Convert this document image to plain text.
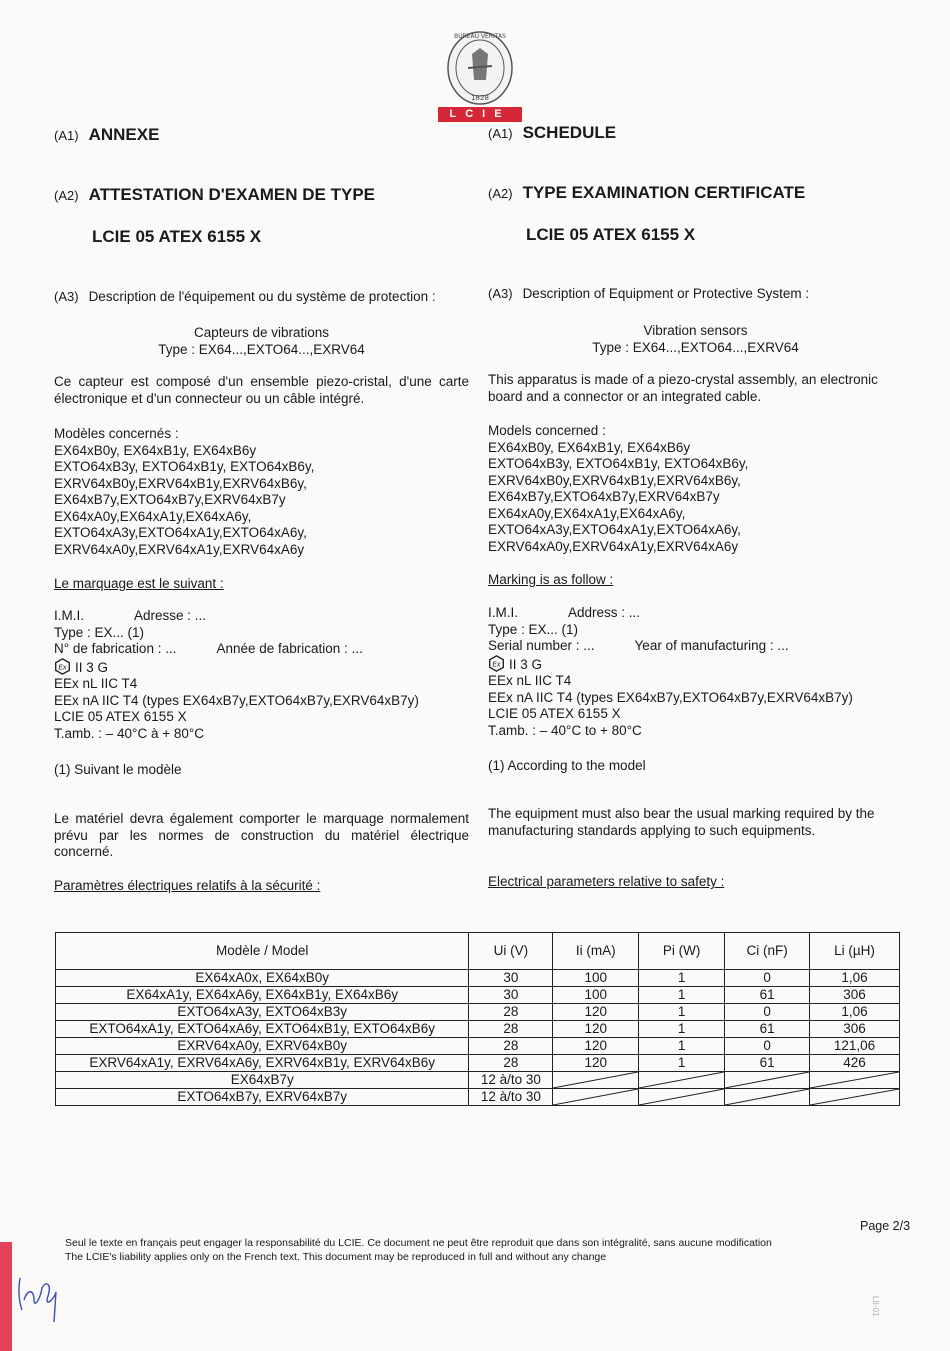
BUREAU VERITAS
1828
LCIE
(A1) ANNEXE
(A2) ATTESTATION D'EXAMEN DE TYPE
LCIE 05 ATEX 6155 X
(A3) Description de l'équipement ou du système de protection :
Capteurs de vibrations
Type : EX64...,EXTO64...,EXRV64
Ce capteur est composé d'un ensemble piezo-cristal, d'une carte électronique et d'un connecteur ou un câble intégré.
Modèles concernés :
EX64xB0y, EX64xB1y, EX64xB6y
EXTO64xB3y, EXTO64xB1y, EXTO64xB6y,
EXRV64xB0y,EXRV64xB1y,EXRV64xB6y,
EX64xB7y,EXTO64xB7y,EXRV64xB7y
EX64xA0y,EX64xA1y,EX64xA6y,
EXTO64xA3y,EXTO64xA1y,EXTO64xA6y,
EXRV64xA0y,EXRV64xA1y,EXRV64xA6y
Le marquage est le suivant :
I.M.I.	Adresse : ...
Type : EX... (1)
N° de fabrication : ...	Année de fabrication : ...
Ex II 3 G
EEx nL IIC T4
EEx nA IIC T4 (types EX64xB7y,EXTO64xB7y,EXRV64xB7y)
LCIE 05 ATEX 6155 X
T.amb. : – 40°C à + 80°C
(1) Suivant le modèle
Le matériel devra également comporter le marquage normalement prévu par les normes de construction du matériel électrique concerné.
Paramètres électriques relatifs à la sécurité :
(A1) SCHEDULE
(A2) TYPE EXAMINATION CERTIFICATE
LCIE 05 ATEX 6155 X
(A3) Description of Equipment or Protective System :
Vibration sensors
Type : EX64...,EXTO64...,EXRV64
This apparatus is made of a piezo-crystal assembly, an electronic board and a connector or an integrated cable.
Models concerned :
EX64xB0y, EX64xB1y, EX64xB6y
EXTO64xB3y, EXTO64xB1y, EXTO64xB6y,
EXRV64xB0y,EXRV64xB1y,EXRV64xB6y,
EX64xB7y,EXTO64xB7y,EXRV64xB7y
EX64xA0y,EX64xA1y,EX64xA6y,
EXTO64xA3y,EXTO64xA1y,EXTO64xA6y,
EXRV64xA0y,EXRV64xA1y,EXRV64xA6y
Marking is as follow :
I.M.I.	Address : ...
Type : EX... (1)
Serial number : ...	Year of manufacturing : ...
Ex II 3 G
EEx nL IIC T4
EEx nA IIC T4 (types EX64xB7y,EXTO64xB7y,EXRV64xB7y)
LCIE 05 ATEX 6155 X
T.amb. : – 40°C to + 80°C
(1) According to the model
The equipment must also bear the usual marking required by the manufacturing standards applying to such equipments.
Electrical parameters relative to safety :
Modèle / Model	Ui (V)	Ii (mA)	Pi (W)	Ci (nF)	Li (µH)
EX64xA0x, EX64xB0y	30	100	1	0	1,06
EX64xA1y, EX64xA6y, EX64xB1y, EX64xB6y	30	100	1	61	306
EXTO64xA3y, EXTO64xB3y	28	120	1	0	1,06
EXTO64xA1y, EXTO64xA6y, EXTO64xB1y, EXTO64xB6y	28	120	1	61	306
EXRV64xA0y, EXRV64xB0y	28	120	1	0	121,06
EXRV64xA1y, EXRV64xA6y, EXRV64xB1y, EXRV64xB6y	28	120	1	61	426
EX64xB7y	12 à/to 30	

EXTO64xB7y, EXRV64xB7y	12 à/to 30	

Page 2/3
Seul le texte en français peut engager la responsabilité du LCIE. Ce document ne peut être reproduit que dans son intégralité, sans aucune modification
The LCIE's liability applies only on the French text. This document may be reproduced in full and without any change
LII-01
